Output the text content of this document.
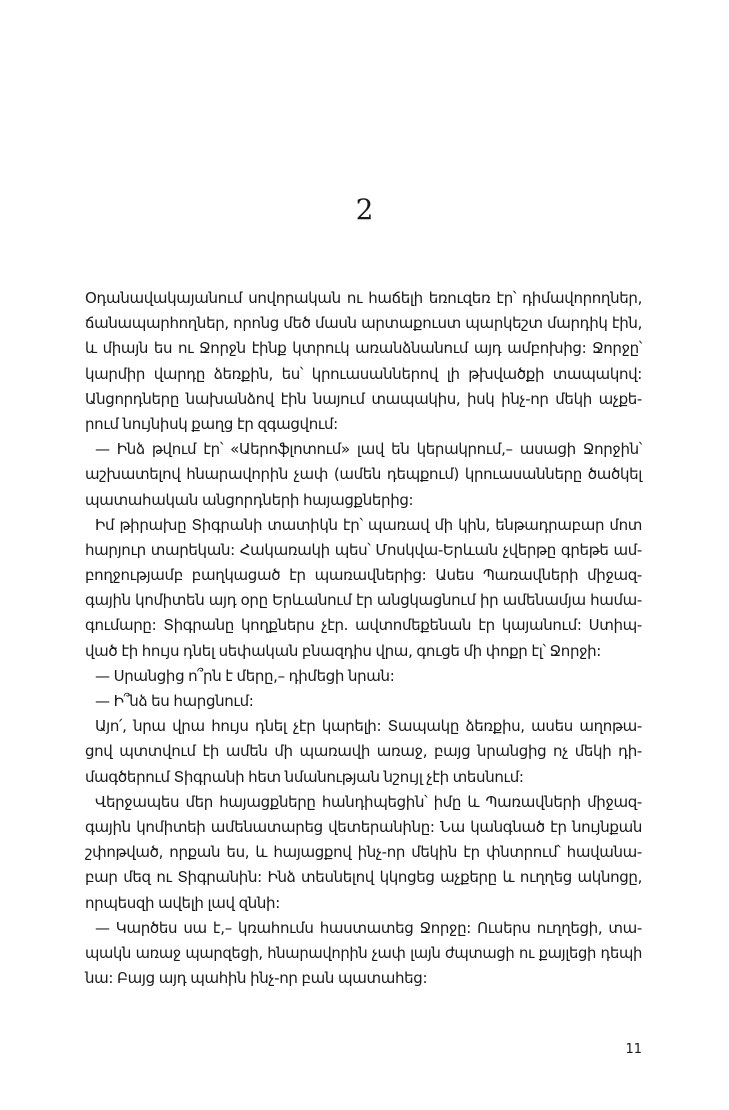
2
Օդանավակայանում սովորական ու հաճելի եռուզեռ էր՝ դիմավորողներ,
ճանապարհողներ, որոնց մեծ մասն արտաքուստ պարկեշտ մարդիկ էին,
և միայն ես ու Ջորջն էինք կտրուկ առանձնանում այդ ամբոխից: Ջորջը՝
կարմիր վարդը ձեռքին, ես՝ կրուասաններով լի թխվածքի տապակով:
Անցորդները նախանձով էին նայում տապակիս, իսկ ինչ-որ մեկի աչքե-
րում նույնիսկ քաղց էր զգացվում:
— Ինձ թվում էր՝ «Աերոֆլոտում» լավ են կերակրում,– ասացի Ջորջին՝
աշխատելով հնարավորին չափ (ամեն դեպքում) կրուասանները ծածկել
պատահական անցորդների հայացքներից:
Իմ թիրախը Տիգրանի տատիկն էր՝ պառավ մի կին, ենթադրաբար մոտ
հարյուր տարեկան: Հակառակի պես՝ Մոսկվա-Երևան չվերթը գրեթե ամ-
բողջությամբ բաղկացած էր պառավներից: Ասես Պառավների միջազ-
գային կոմիտեն այդ օրը Երևանում էր անցկացնում իր ամենամյա համա-
գումարը: Տիգրանը կողքներս չէր. ավտոմեքենան էր կայանում: Ստիպ-
ված էի հույս դնել սեփական բնազդիս վրա, գուցե մի փոքր էլ՝ Ջորջի:
— Սրանցից ո՞րն է մերը,– դիմեցի նրան:
— Ի՞նձ ես հարցնում:
Այո՛, նրա վրա հույս դնել չէր կարելի: Տապակը ձեռքիս, ասես աղոթա-
ցով պտտվում էի ամեն մի պառավի առաջ, բայց նրանցից ոչ մեկի դի-
մագծերում Տիգրանի հետ նմանության նշույլ չէի տեսնում:
Վերջապես մեր հայացքները հանդիպեցին՝ իմը և Պառավների միջազ-
գային կոմիտեի ամենատարեց վետերանինը: Նա կանգնած էր նույնքան
շփոթված, որքան ես, և հայացքով ինչ-որ մեկին էր փնտրում՝ հավանա-
բար մեզ ու Տիգրանին: Ինձ տեսնելով կկոցեց աչքերը և ուղղեց ակնոցը,
որպեսզի ավելի լավ զննի:
— Կարծես սա է,– կռահումս հաստատեց Ջորջը: Ուսերս ուղղեցի, տա-
պակն առաջ պարզեցի, հնարավորին չափ լայն ժպտացի ու քայլեցի դեպի
նա: Բայց այդ պահին ինչ-որ բան պատահեց:
11
